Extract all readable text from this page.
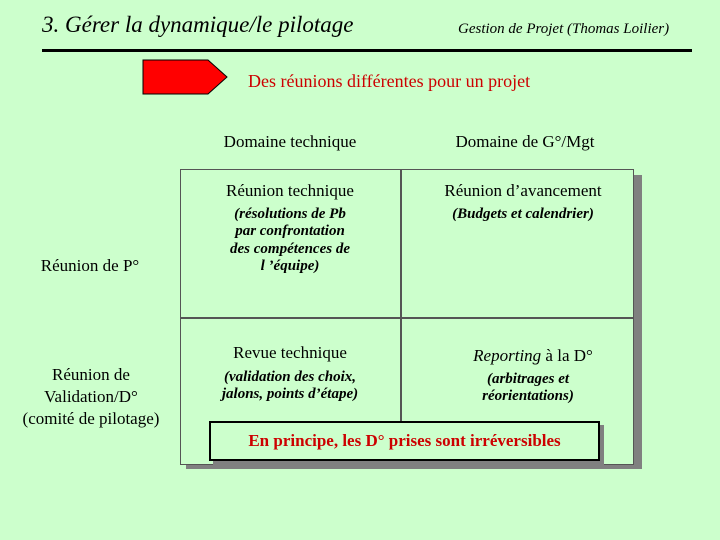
3. Gérer la dynamique/le pilotage	Gestion de Projet (Thomas Loilier)
Des réunions différentes pour un projet
Domaine technique	Domaine de G°/Mgt
Réunion technique
(résolutions de Pb
par confrontation
des compétences de
l ’équipe)
Réunion d’avancement
(Budgets et calendrier)
Revue technique
(validation des choix,
jalons, points d’étape)
Reporting à la D°
(arbitrages et
réorientations)
Réunion de P°
Réunion de
Validation/D°
(comité de pilotage)
En principe, les D° prises sont irréversibles
